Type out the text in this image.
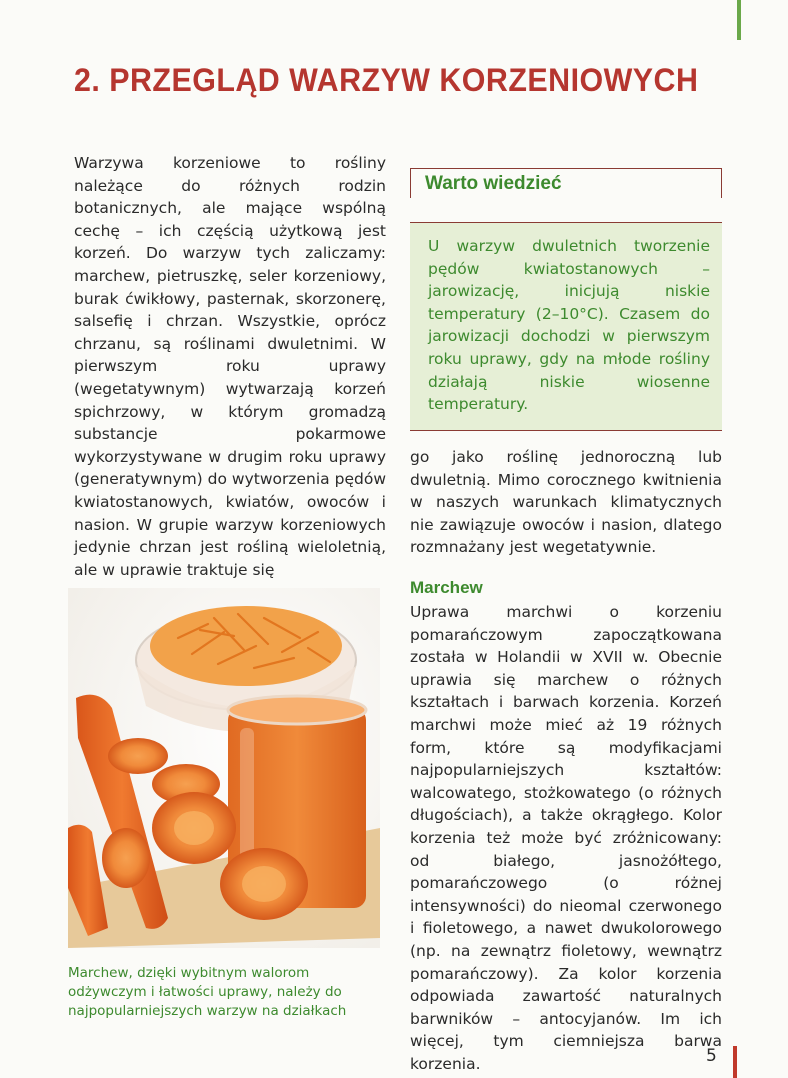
2. PRZEGLĄD WARZYW KORZENIOWYCH

Warzywa korzeniowe to rośliny należące do różnych rodzin botanicznych, ale mające wspólną cechę – ich częścią użytkową jest korzeń. Do warzyw tych zaliczamy: marchew, pietruszkę, seler korzeniowy, burak ćwikłowy, pasternak, skorzonerę, salsefię i chrzan. Wszystkie, oprócz chrzanu, są roślinami dwuletnimi. W pierwszym roku uprawy (wegetatywnym) wytwarzają korzeń spichrzowy, w którym gromadzą substancje pokarmowe wykorzystywane w drugim roku uprawy (generatywnym) do wytworzenia pędów kwiatostanowych, kwiatów, owoców i nasion. W grupie warzyw korzeniowych jedynie chrzan jest rośliną wieloletnią, ale w uprawie traktuje się

Warto wiedzieć
U warzyw dwuletnich tworzenie pędów kwiatostanowych – jarowizację, inicjują niskie temperatury (2–10°C). Czasem do jarowizacji dochodzi w pierwszym roku uprawy, gdy na młode rośliny działają niskie wiosenne temperatury.

go jako roślinę jednoroczną lub dwuletnią. Mimo corocznego kwitnienia w naszych warunkach klimatycznych nie zawiązuje owoców i nasion, dlatego rozmnażany jest wegetatywnie.

Marchew

Uprawa marchwi o korzeniu pomarańczowym zapoczątkowana została w Holandii w XVII w. Obecnie uprawia się marchew o różnych kształtach i barwach korzenia. Korzeń marchwi może mieć aż 19 różnych form, które są modyfikacjami najpopularniejszych kształtów: walcowatego, stożkowatego (o różnych długościach), a także okrągłego. Kolor korzenia też może być zróżnicowany: od białego, jasnożółtego, pomarańczowego (o różnej intensywności) do nieomal czerwonego i fioletowego, a nawet dwukolorowego (np. na zewnątrz fioletowy, wewnątrz pomarańczowy). Za kolor korzenia odpowiada zawartość naturalnych barwników – antocyjanów. Im ich więcej, tym ciemniejsza barwa korzenia.

Marchew, dzięki wybitnym walorom odżywczym i łatwości uprawy, należy do najpopularniejszych warzyw na działkach

5
